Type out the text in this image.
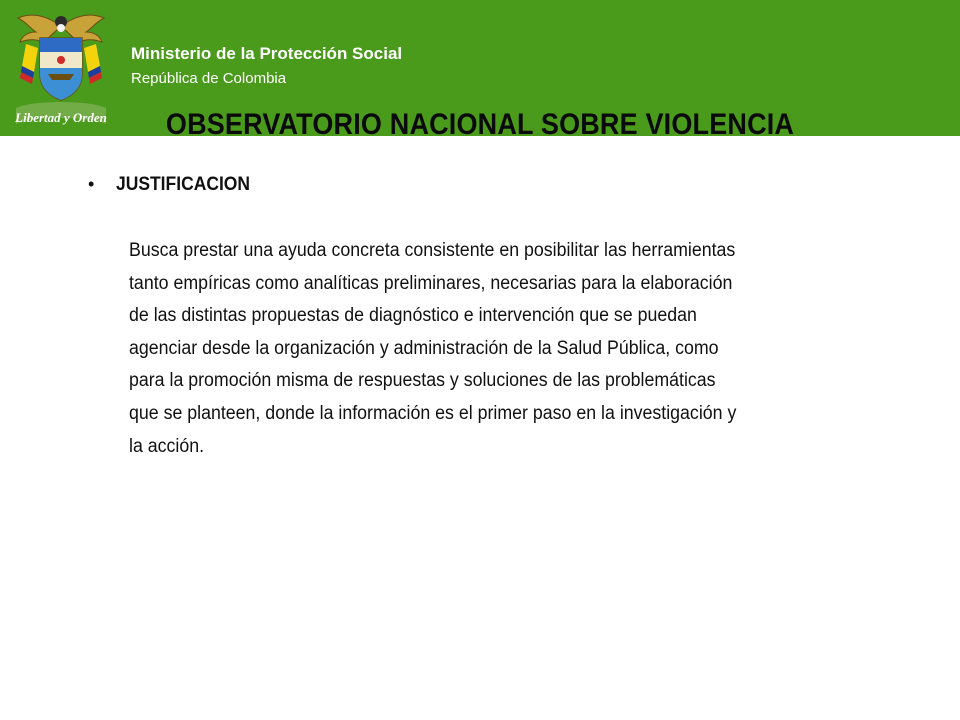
Libertad y Orden
Ministerio de la Protección Social
República de Colombia
OBSERVATORIO NACIONAL SOBRE VIOLENCIA
• JUSTIFICACION
Busca prestar una ayuda concreta consistente en posibilitar las herramientas
tanto empíricas como analíticas preliminares, necesarias para la elaboración
de las distintas propuestas de diagnóstico e intervención que se puedan
agenciar desde la organización y administración de la Salud Pública, como
para la promoción misma de respuestas y soluciones de las problemáticas
que se planteen, donde la información es el primer paso en la investigación y
la acción.
